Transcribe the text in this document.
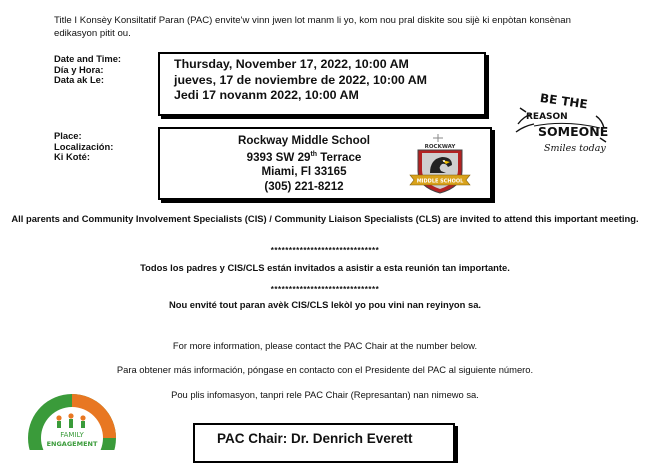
Title I Konsèy Konsiltatif Paran (PAC) envite'w vinn jwen lot manm li yo, kom nou pral diskite sou sijè ki enpòtan konsènan edikasyon pitit ou.
Date and Time:
Día y Hora:
Data ak Le:
Thursday, November 17, 2022, 10:00 AM
jueves, 17 de noviembre de 2022, 10:00 AM
Jedi 17 novanm 2022, 10:00 AM	BE THE
REASON
SOMEONE
Smiles today
Place:
Localización:
Ki Koté:
Rockway Middle School
9393 SW 29th Terrace
Miami, Fl 33165
(305) 221-8212
ROCKWAY
MIDDLE SCHOOL
All parents and Community Involvement Specialists (CIS) / Community Liaison Specialists (CLS) are invited to attend this important meeting.
******************************
Todos los padres y CIS/CLS están invitados a asistir a esta reunión tan importante.
******************************
Nou envité tout paran avèk CIS/CLS lekòl yo pou vini nan reyinyon sa.
For more information, please contact the PAC Chair at the number below.
Para obtener más información, póngase en contacto con el Presidente del PAC al siguiente número.
Pou plis infomasyon, tanpri rele PAC Chair (Represantan) nan nimewo sa.
FAMILY
ENGAGEMENT	PAC Chair: Dr. Denrich Everett
